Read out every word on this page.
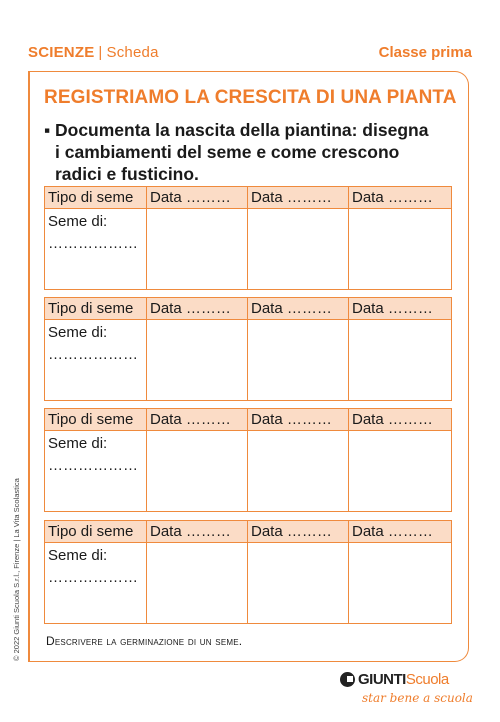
SCIENZE | Scheda	Classe prima
REGISTRIAMO LA CRESCITA DI UNA PIANTA
▪ Documenta la nascita della piantina: disegna
i cambiamenti del seme e come crescono
radici e fusticino.
Tipo di seme	Data ………	Data ………	Data ………

Seme di:
………………			

Tipo di seme	Data ………	Data ………	Data ………

Seme di:
………………			

Tipo di seme	Data ………	Data ………	Data ………

Seme di:
………………			

Tipo di seme	Data ………	Data ………	Data ………

Seme di:
………………			

Descrivere la germinazione di un seme.
© 2022 Giunti Scuola S.r.l., Firenze | La Vita Scolastica
GIUNTIScuola
star bene a scuola
